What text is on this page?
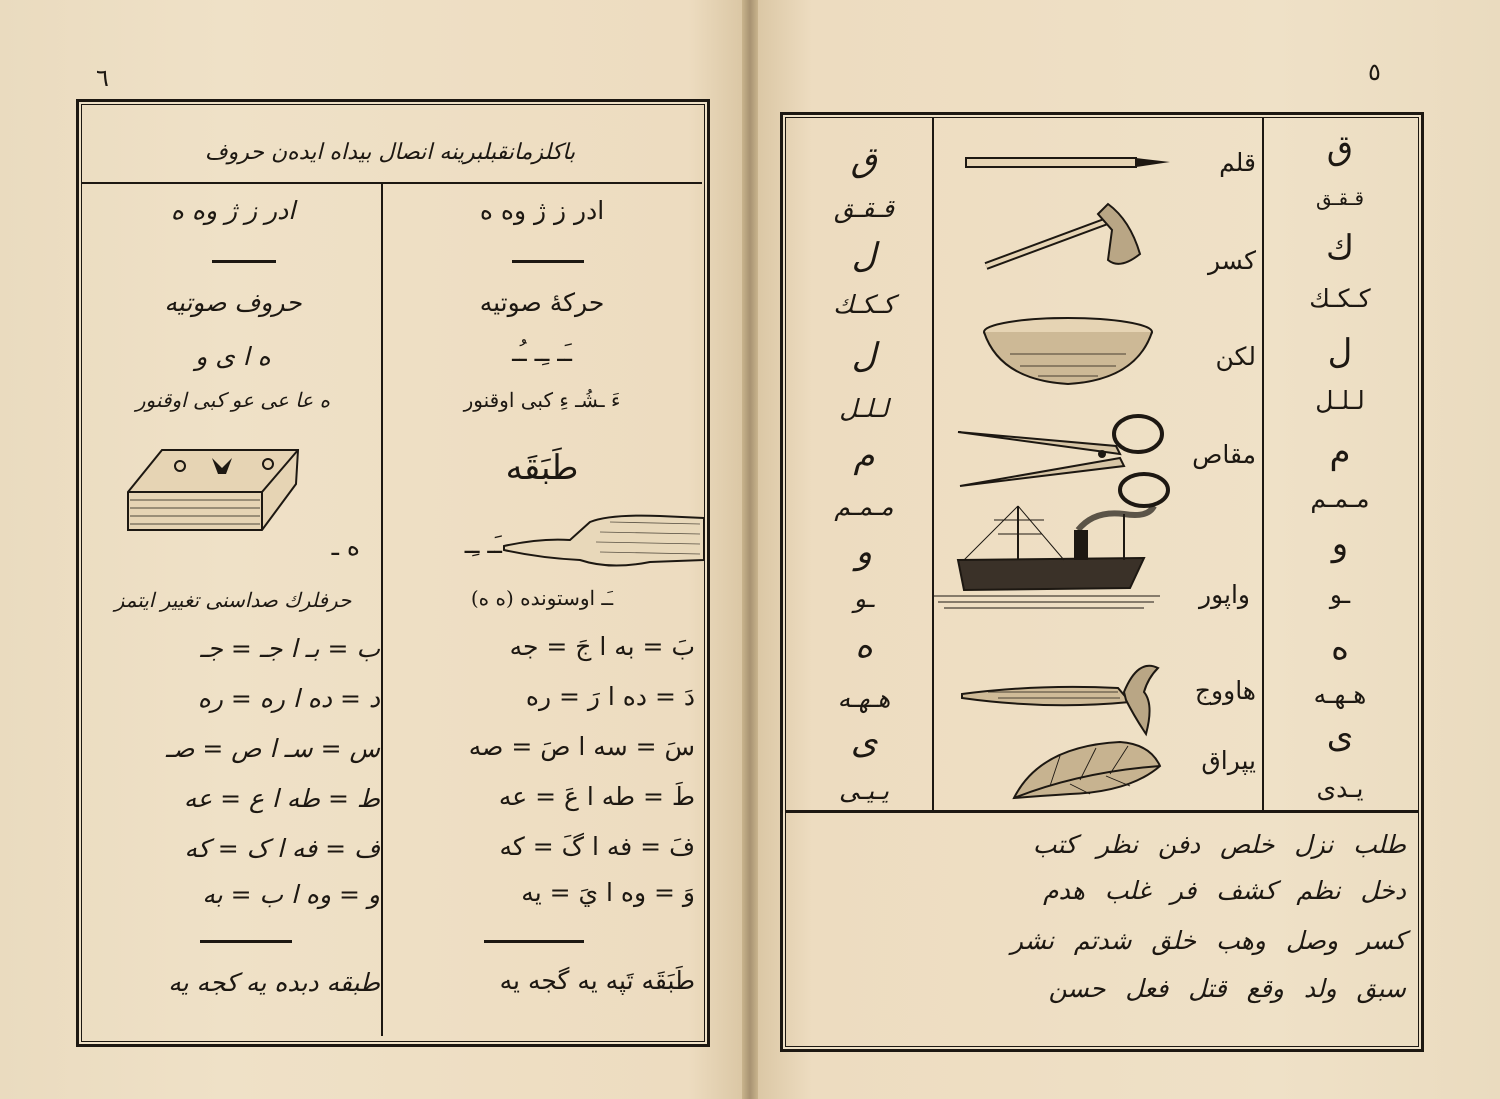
٦
باکلزمانقبلبرینه انصال بیداه ایده‌ن حروف
ادر ز ژ وه ه
حركهٔ صوتيه
ـَـ ـِـ ـُـ
ءَ ـشُـ ءِ کبی اوقنور
طَبَقَه
ـَـ ـِـ
ـَـ اوستونده (ه ه)
بَ = به ا جَ = جه
دَ = ده ا رَ = ره
سَ = سه ا صَ = صه
طَ = طه ا عَ = عه
فَ = فه ا گَ = که
وَ = وه ا يَ = يه
طَبَقَه تَپه یه گجه یه
ادر ز ژ وه ه
حروف صوتيه
ه ا ى و
ه عا عی عو کبی اوقنور
ه ـ
حرفلرك صداسنی تغییر ایتمز
ب = بـ ا جـ = جـ
د = ده ا ره = ره
س = سـ ا ص = صـ
ط = طه ا ع = عه
ف = فه ا ک = که
و = وه ا ب = به
طبقه دبده یه کجه یه
٥
ق
قـقـق
ك
کـکـك
ل
لـلـل
م
مـمـم
و
ـو
ه
هـهـه
ى
يـدى
قلم
کسر
لکن
مقاص
واپور
هاووج
يپراق
ق
قـقـق
ل
کـکـك
ل
لـلـل
م
مـمـم
و
ـو
ه
هـهـه
ى
يـيـى
طلب نزل خلص دفن نظر کتب
دخل نظم کشف فر غلب هدم
کسر وصل وهب خلق شدتم نشر
سبق ولد وقع قتل فعل حسن
